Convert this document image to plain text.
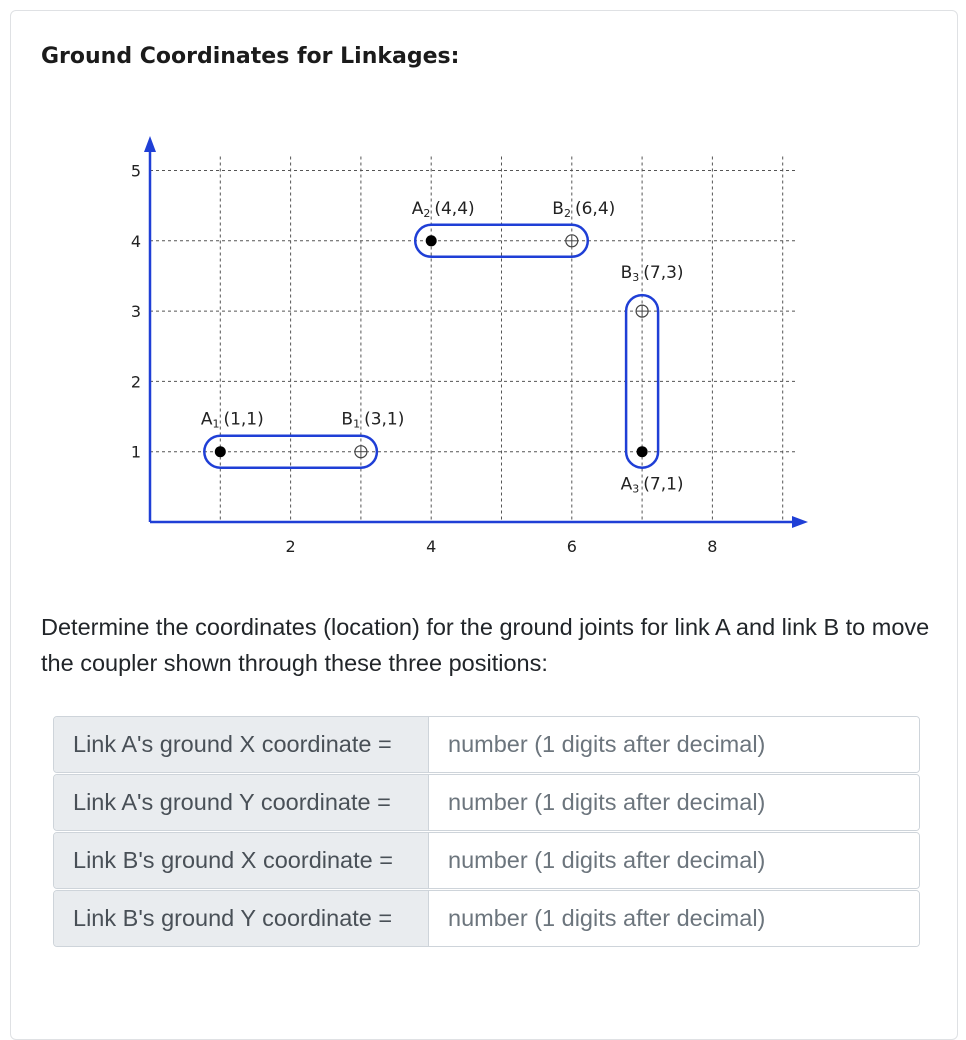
Ground Coordinates for Linkages:
2	4	6	8
1
2
3
4
5
A1 (1,1)	B1 (3,1)
A2 (4,4)	B2 (6,4)
B3 (7,3)
A3 (7,1)

Determine the coordinates (location) for the ground joints for link A and link B to move the coupler shown through these three positions:

Link A's ground X coordinate =
number (1 digits after decimal)
Link A's ground Y coordinate =
number (1 digits after decimal)
Link B's ground X coordinate =
number (1 digits after decimal)
Link B's ground Y coordinate =
number (1 digits after decimal)
